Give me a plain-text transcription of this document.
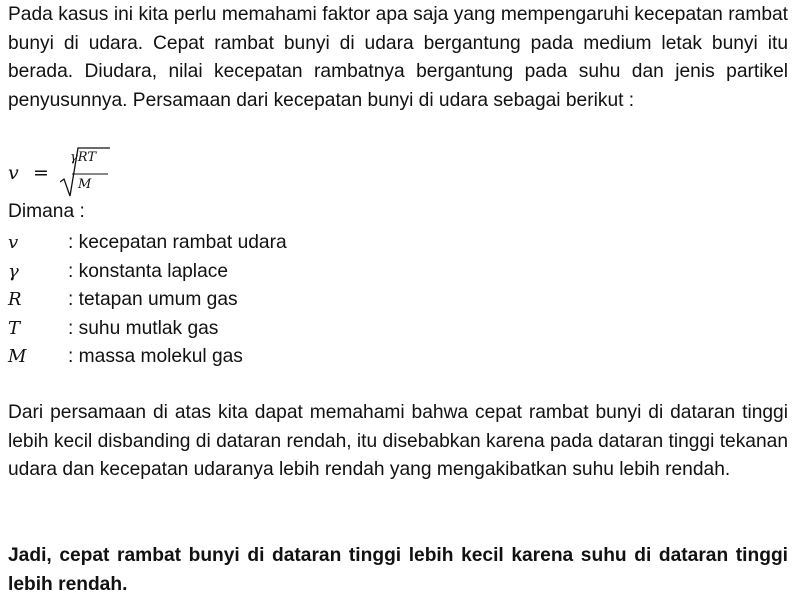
Pada kasus ini kita perlu memahami faktor apa saja yang mempengaruhi kecepatan rambat bunyi di udara. Cepat rambat bunyi di udara bergantung pada medium letak bunyi itu berada. Diudara, nilai kecepatan rambatnya bergantung pada suhu dan jenis partikel penyusunnya. Persamaan dari kecepatan bunyi di udara sebagai berikut :

v =
γRT
M
Dimana :
v	: kecepatan rambat udara
γ	: konstanta laplace
R : tetapan umum gas
T : suhu mutlak gas
M : massa molekul gas

Dari persamaan di atas kita dapat memahami bahwa cepat rambat bunyi di dataran tinggi lebih kecil disbanding di dataran rendah, itu disebabkan karena pada dataran tinggi tekanan udara dan kecepatan udaranya lebih rendah yang mengakibatkan suhu lebih rendah.

Jadi, cepat rambat bunyi di dataran tinggi lebih kecil karena suhu di dataran tinggi lebih rendah.
